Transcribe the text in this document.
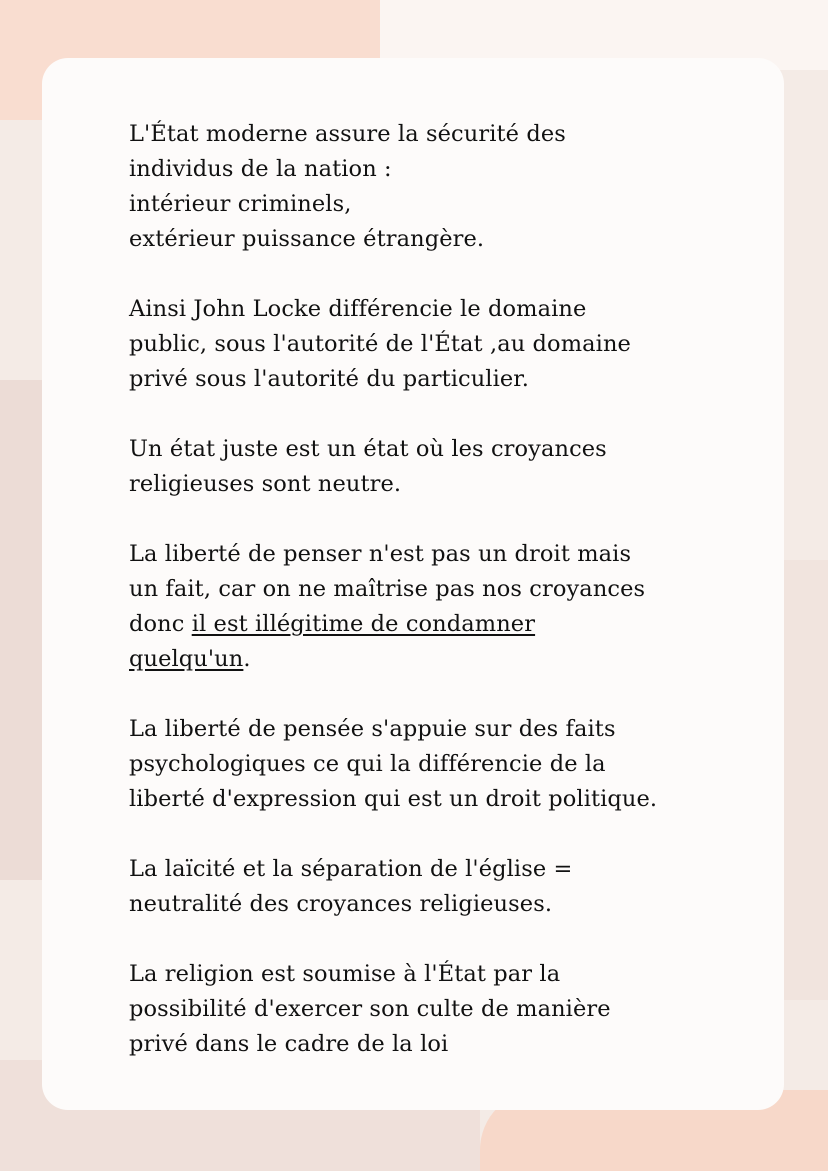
L'État moderne assure la sécurité des
individus de la nation :
intérieur criminels,
extérieur puissance étrangère.

Ainsi John Locke différencie le domaine
public, sous l'autorité de l'État ,au domaine
privé sous l'autorité du particulier.

Un état juste est un état où les croyances
religieuses sont neutre.

La liberté de penser n'est pas un droit mais
un fait, car on ne maîtrise pas nos croyances
donc il est illégitime de condamner
quelqu'un.

La liberté de pensée s'appuie sur des faits
psychologiques ce qui la différencie de la
liberté d'expression qui est un droit politique.

La laïcité et la séparation de l'église =
neutralité des croyances religieuses.

La religion est soumise à l'État par la
possibilité d'exercer son culte de manière
privé dans le cadre de la loi
